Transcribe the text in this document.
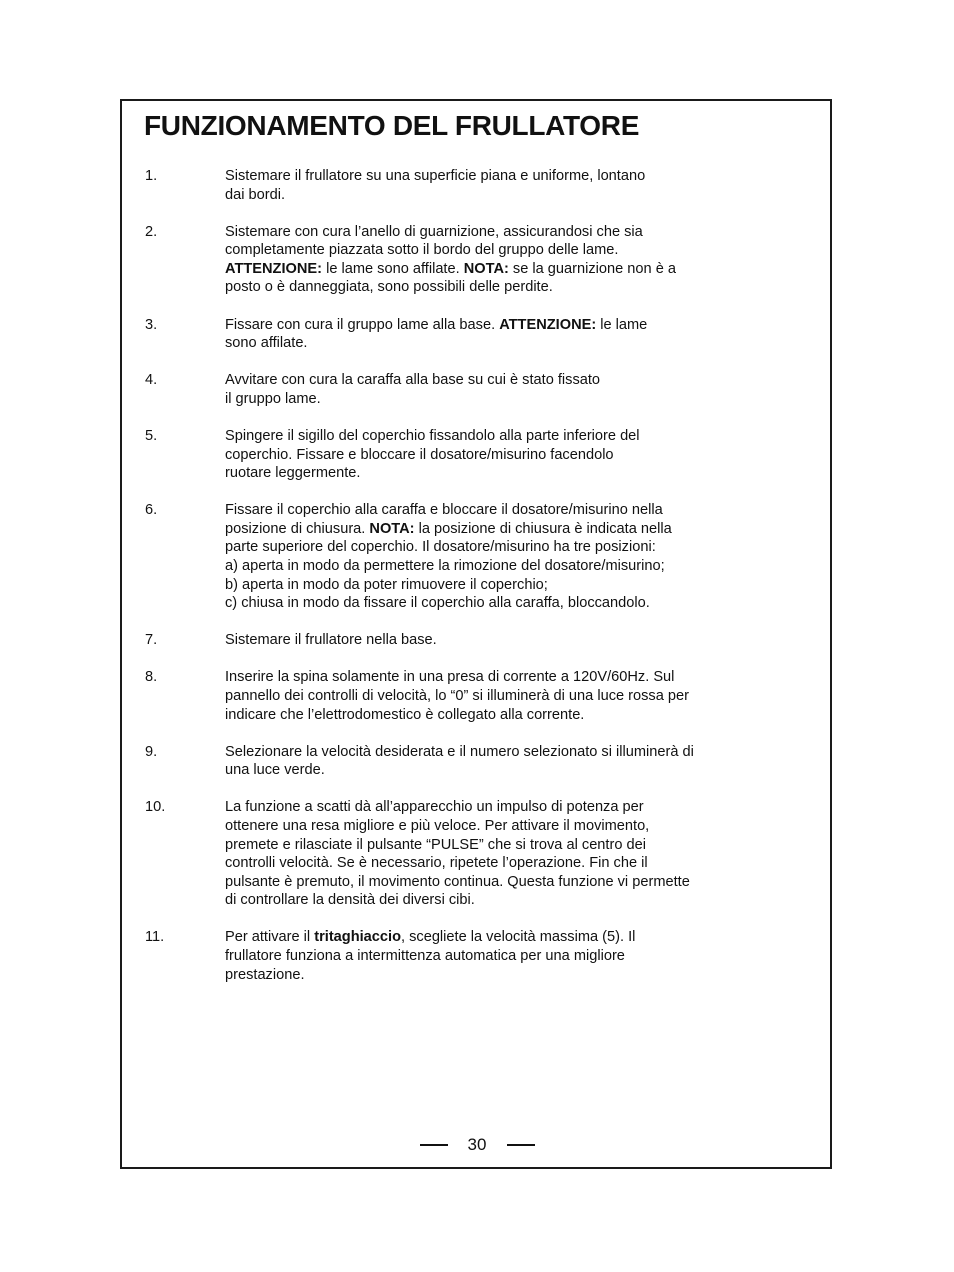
FUNZIONAMENTO DEL FRULLATORE
1.	Sistemare il frullatore su una superficie piana e uniforme, lontano
dai bordi.
2.	Sistemare con cura l’anello di guarnizione, assicurandosi che sia
completamente piazzata sotto il bordo del gruppo delle lame.
ATTENZIONE: le lame sono affilate. NOTA: se la guarnizione non è a
posto o è danneggiata, sono possibili delle perdite.
3.	Fissare con cura il gruppo lame alla base. ATTENZIONE: le lame
sono affilate.
4.	Avvitare con cura la caraffa alla base su cui è stato fissato
il gruppo lame.
5.	Spingere il sigillo del coperchio fissandolo alla parte inferiore del
coperchio. Fissare e bloccare il dosatore/misurino facendolo
ruotare leggermente.
6.	Fissare il coperchio alla caraffa e bloccare il dosatore/misurino nella
posizione di chiusura. NOTA: la posizione di chiusura è indicata nella
parte superiore del coperchio. Il dosatore/misurino ha tre posizioni:
a) aperta in modo da permettere la rimozione del dosatore/misurino;
b) aperta in modo da poter rimuovere il coperchio;
c) chiusa in modo da fissare il coperchio alla caraffa, bloccandolo.
7.	Sistemare il frullatore nella base.
8.	Inserire la spina solamente in una presa di corrente a 120V/60Hz. Sul
pannello dei controlli di velocità, lo “0” si illuminerà di una luce rossa per
indicare che l’elettrodomestico è collegato alla corrente.
9.	Selezionare la velocità desiderata e il numero selezionato si illuminerà di
una luce verde.
10.	La funzione a scatti dà all’apparecchio un impulso di potenza per
ottenere una resa migliore e più veloce. Per attivare il movimento,
premete e rilasciate il pulsante “PULSE” che si trova al centro dei
controlli velocità. Se è necessario, ripetete l’operazione. Fin che il
pulsante è premuto, il movimento continua. Questa funzione vi permette
di controllare la densità dei diversi cibi.
11.	Per attivare il tritaghiaccio, scegliete la velocità massima (5). Il
frullatore funziona a intermittenza automatica per una migliore
prestazione.
30
